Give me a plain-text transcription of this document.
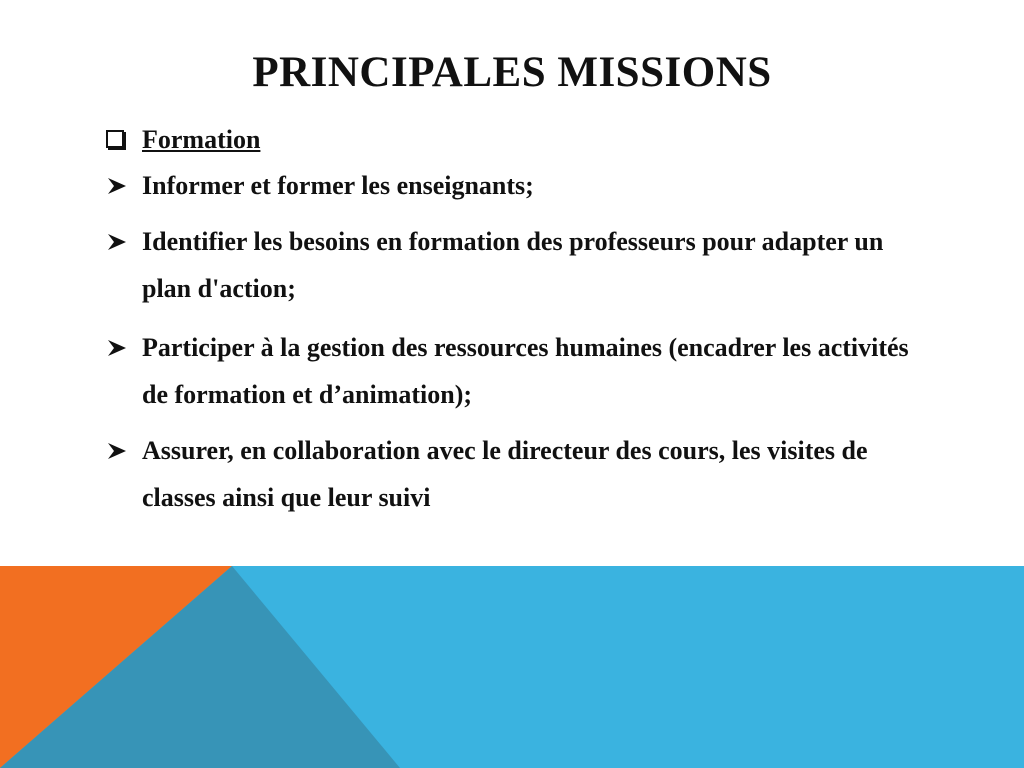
PRINCIPALES MISSIONS
Formation
Informer et former les enseignants;
Identifier les besoins en formation des professeurs pour adapter un plan d'action;
Participer à la gestion des ressources humaines (encadrer les activités de formation et d’animation);
Assurer, en collaboration avec le directeur des cours, les visites de classes ainsi que leur suivi
